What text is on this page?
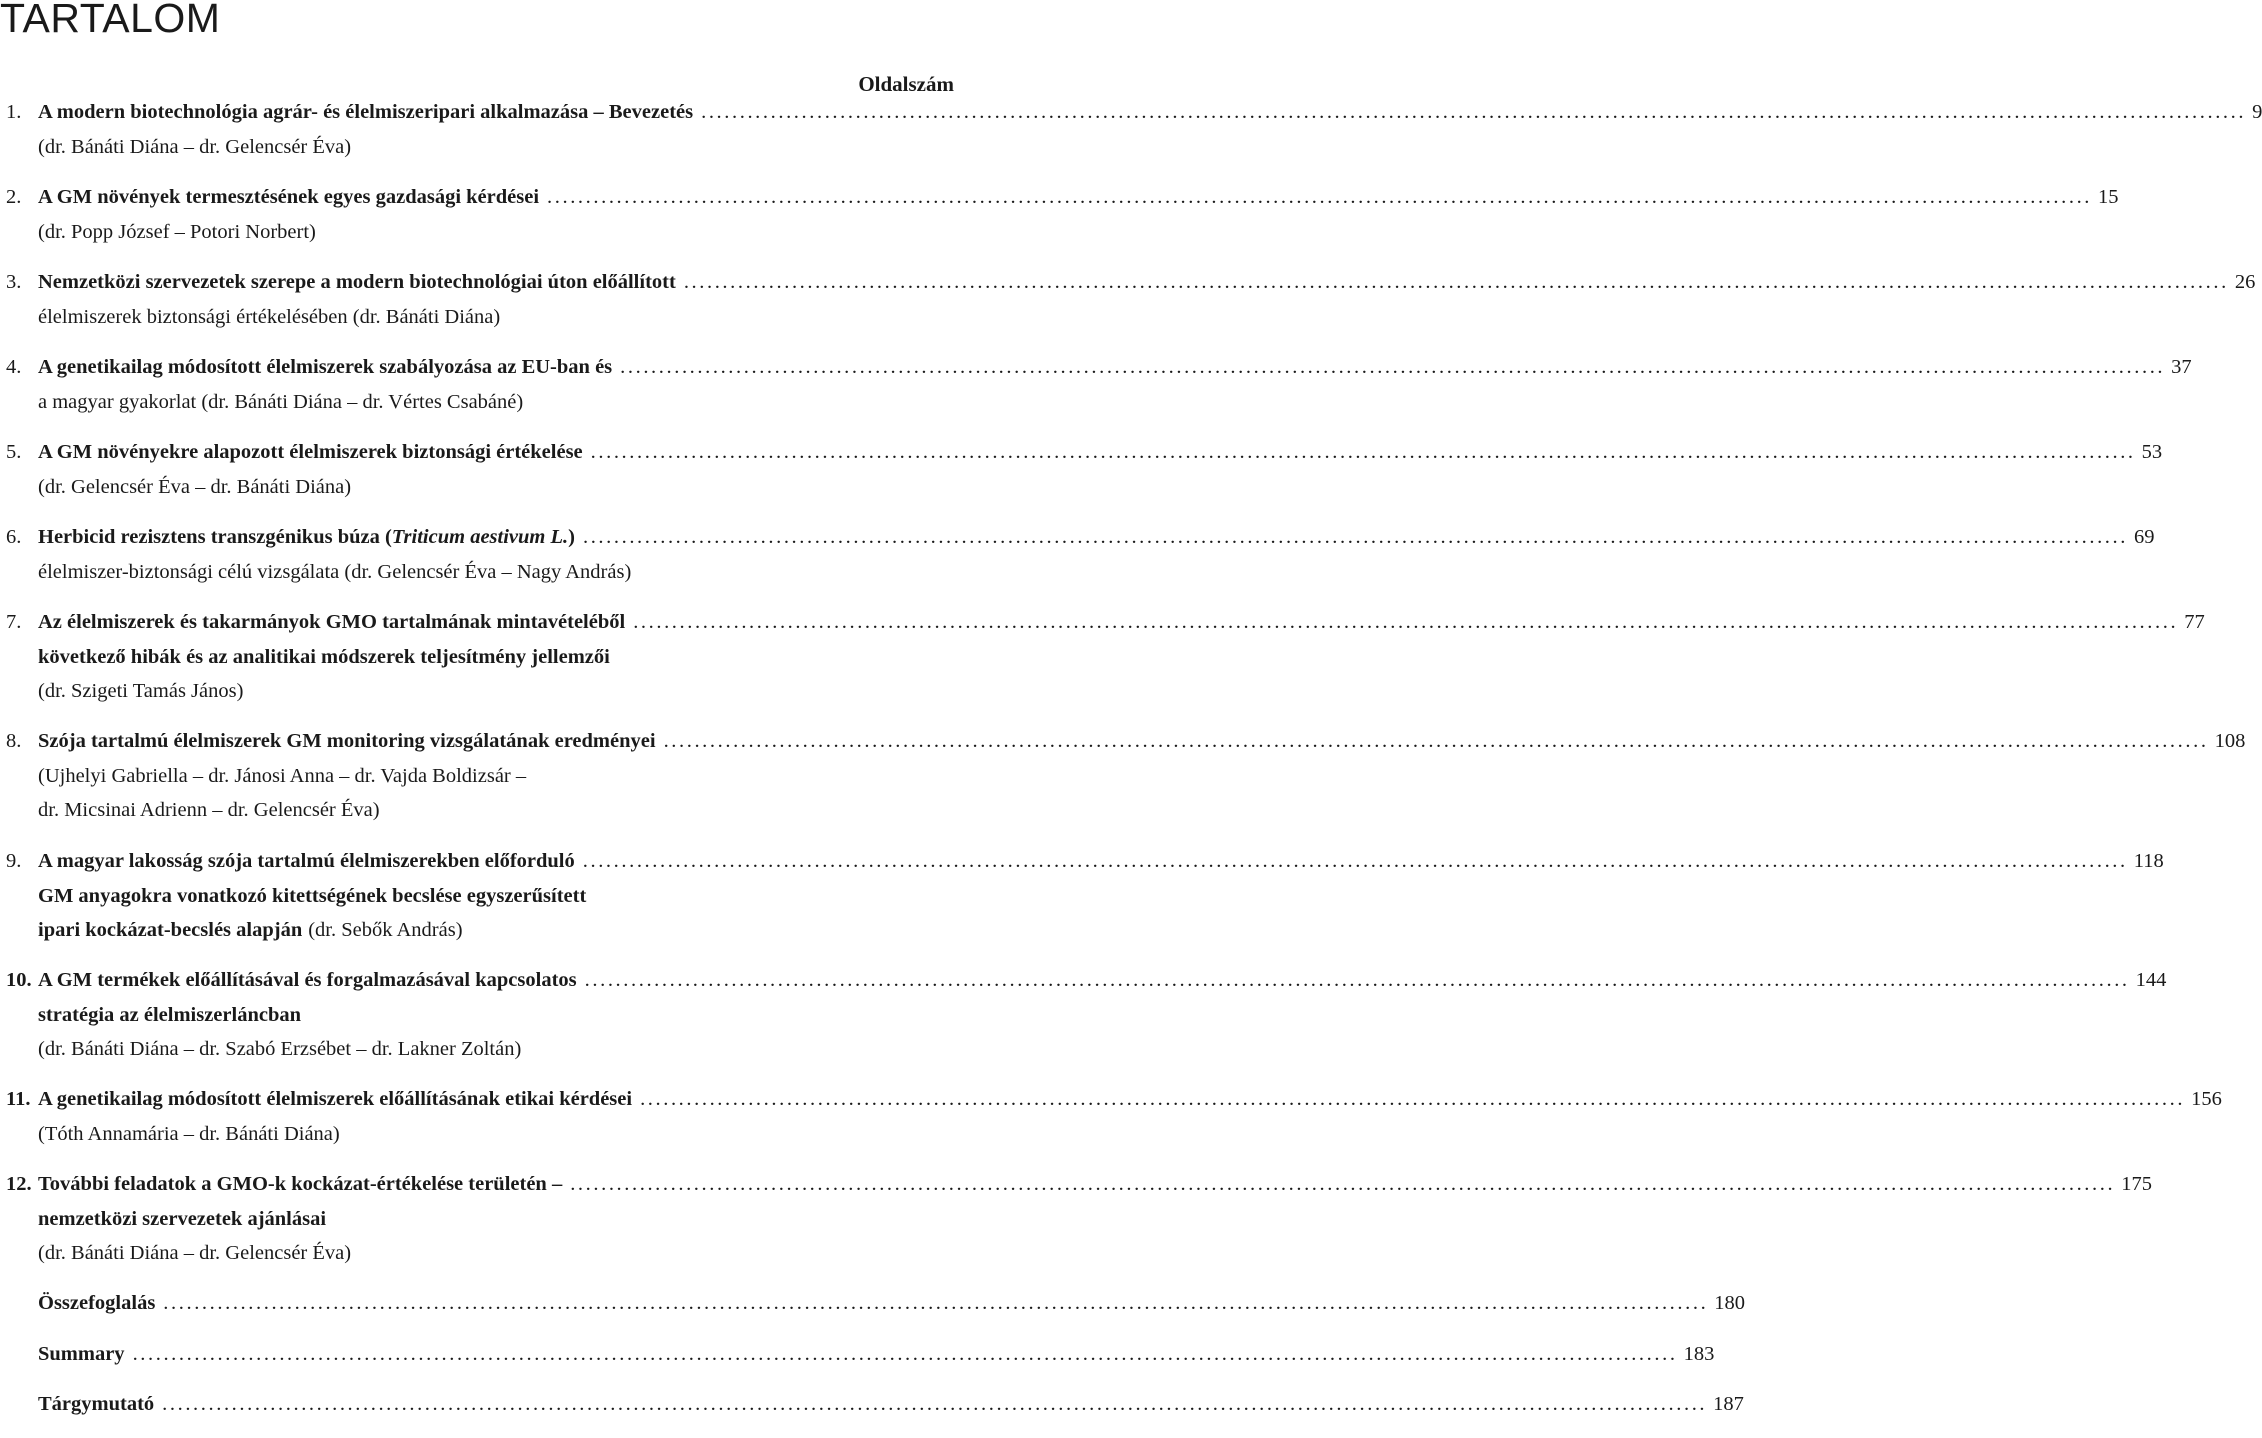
TARTALOM
Oldalszám
1. A modern biotechnológia agrár- és élelmiszeripari alkalmazása – Bevezetés ........................................................................................................................................................................................................ 9
(dr. Bánáti Diána – dr. Gelencsér Éva)
2. A GM növények termesztésének egyes gazdasági kérdései ........................................................................................................................................................................................................ 15
(dr. Popp József – Potori Norbert)
3. Nemzetközi szervezetek szerepe a modern biotechnológiai úton előállított ........................................................................................................................................................................................................ 26
élelmiszerek biztonsági értékelésében (dr. Bánáti Diána)
4. A genetikailag módosított élelmiszerek szabályozása az EU-ban és ........................................................................................................................................................................................................ 37
a magyar gyakorlat (dr. Bánáti Diána – dr. Vértes Csabáné)
5. A GM növényekre alapozott élelmiszerek biztonsági értékelése ........................................................................................................................................................................................................ 53
(dr. Gelencsér Éva – dr. Bánáti Diána)
6. Herbicid rezisztens transzgénikus búza ( Triticum aestivum L. ) ........................................................................................................................................................................................................ 69
élelmiszer-biztonsági célú vizsgálata (dr. Gelencsér Éva – Nagy András)
7. Az élelmiszerek és takarmányok GMO tartalmának mintavételéből ........................................................................................................................................................................................................ 77
következő hibák és az analitikai módszerek teljesítmény jellemzői
(dr. Szigeti Tamás János)
8. Szója tartalmú élelmiszerek GM monitoring vizsgálatának eredményei ........................................................................................................................................................................................................ 108
(Ujhelyi Gabriella – dr. Jánosi Anna – dr. Vajda Boldizsár –
dr. Micsinai Adrienn – dr. Gelencsér Éva)
9. A magyar lakosság szója tartalmú élelmiszerekben előforduló ........................................................................................................................................................................................................ 118
GM anyagokra vonatkozó kitettségének becslése egyszerűsített
ipari kockázat-becslés alapján (dr. Sebők András)
10. A GM termékek előállításával és forgalmazásával kapcsolatos ........................................................................................................................................................................................................ 144
stratégia az élelmiszerláncban
(dr. Bánáti Diána – dr. Szabó Erzsébet – dr. Lakner Zoltán)
11. A genetikailag módosított élelmiszerek előállításának etikai kérdései ........................................................................................................................................................................................................ 156
(Tóth Annamária – dr. Bánáti Diána)
12. További feladatok a GMO-k kockázat-értékelése területén – ........................................................................................................................................................................................................ 175
nemzetközi szervezetek ajánlásai
(dr. Bánáti Diána – dr. Gelencsér Éva)
Összefoglalás ........................................................................................................................................................................................................ 180
Summary ........................................................................................................................................................................................................ 183
Tárgymutató ........................................................................................................................................................................................................ 187
